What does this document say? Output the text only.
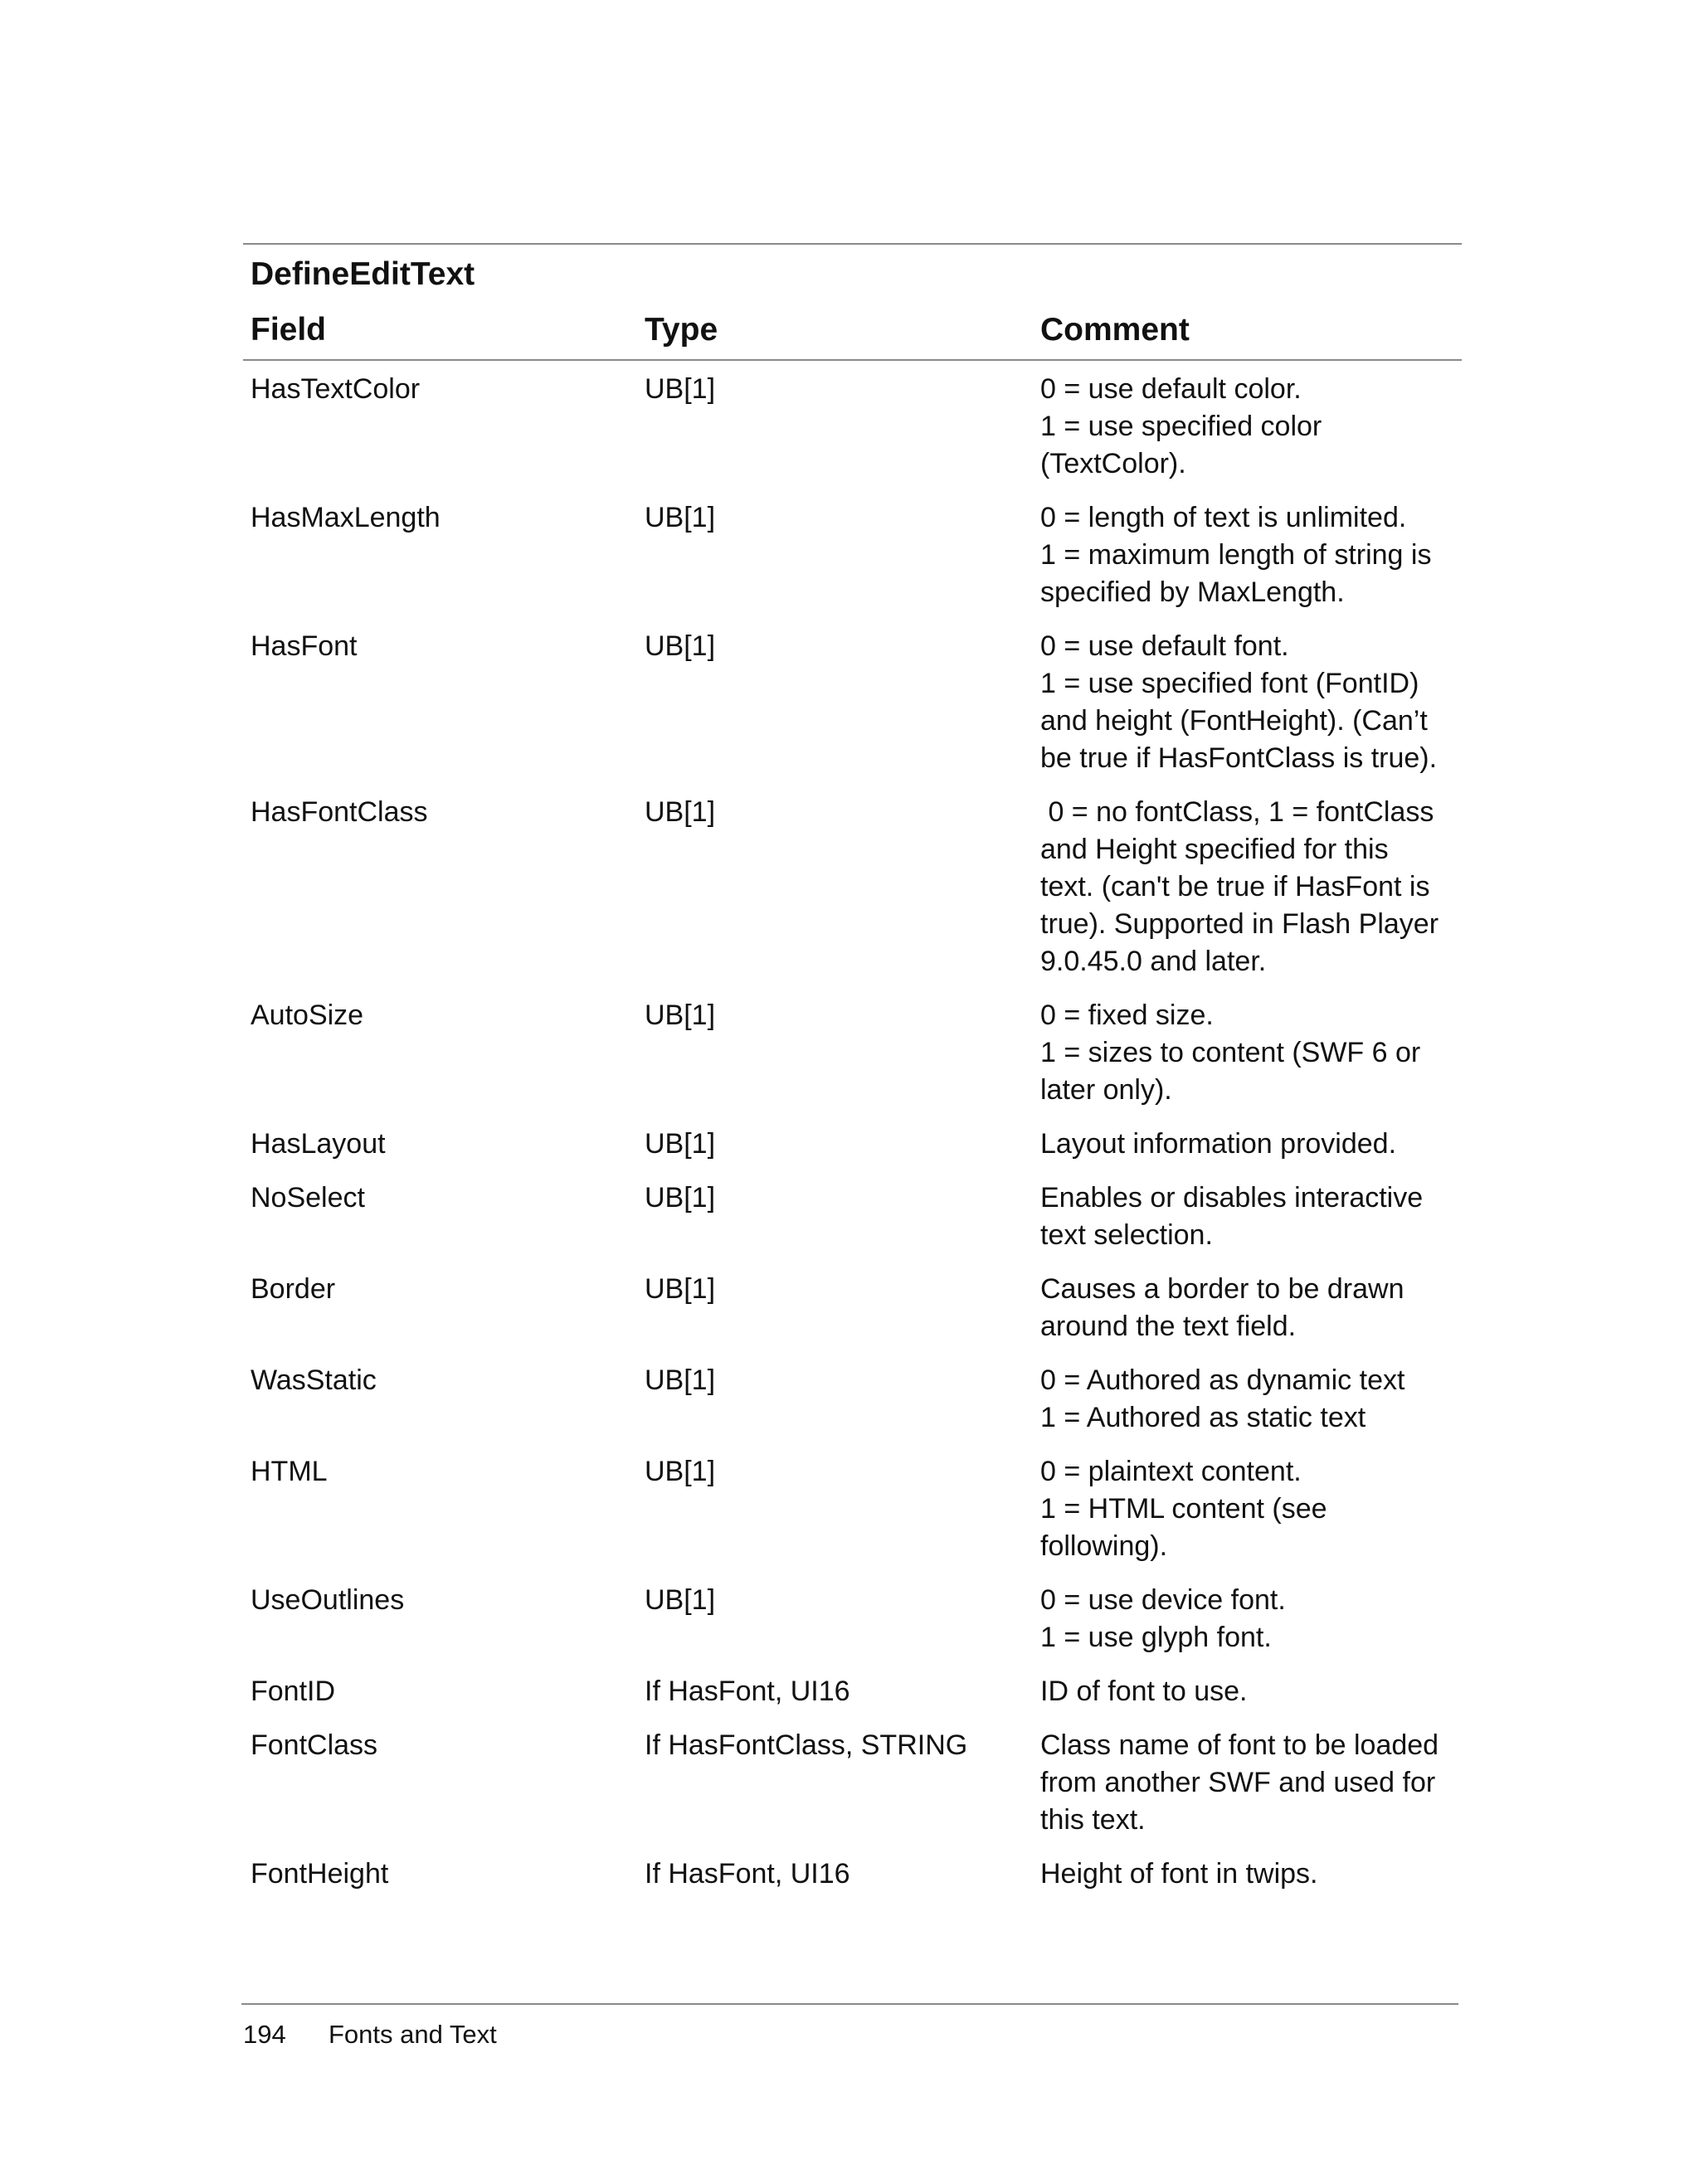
DefineEditText
Field	Type	Comment
HasTextColor	UB[1]	0 = use default color.
1 = use specified color
(TextColor).
HasMaxLength	UB[1]	0 = length of text is unlimited.
1 = maximum length of string is
specified by MaxLength.
HasFont	UB[1]	0 = use default font.
1 = use specified font (FontID)
and height (FontHeight). (Can’t
be true if HasFontClass is true).
HasFontClass	UB[1]	0 = no fontClass, 1 = fontClass
and Height specified for this
text. (can't be true if HasFont is
true). Supported in Flash Player
9.0.45.0 and later.
AutoSize	UB[1]	0 = fixed size.
1 = sizes to content (SWF 6 or
later only).
HasLayout	UB[1]	Layout information provided.
NoSelect	UB[1]	Enables or disables interactive
text selection.
Border	UB[1]	Causes a border to be drawn
around the text field.
WasStatic	UB[1]	0 = Authored as dynamic text
1 = Authored as static text
HTML	UB[1]	0 = plaintext content.
1 = HTML content (see
following).
UseOutlines	UB[1]	0 = use device font.
1 = use glyph font.
FontID	If HasFont, UI16	ID of font to use.
FontClass	If HasFontClass, STRING	Class name of font to be loaded
from another SWF and used for
this text.
FontHeight	If HasFont, UI16	Height of font in twips.
194	Fonts and Text
